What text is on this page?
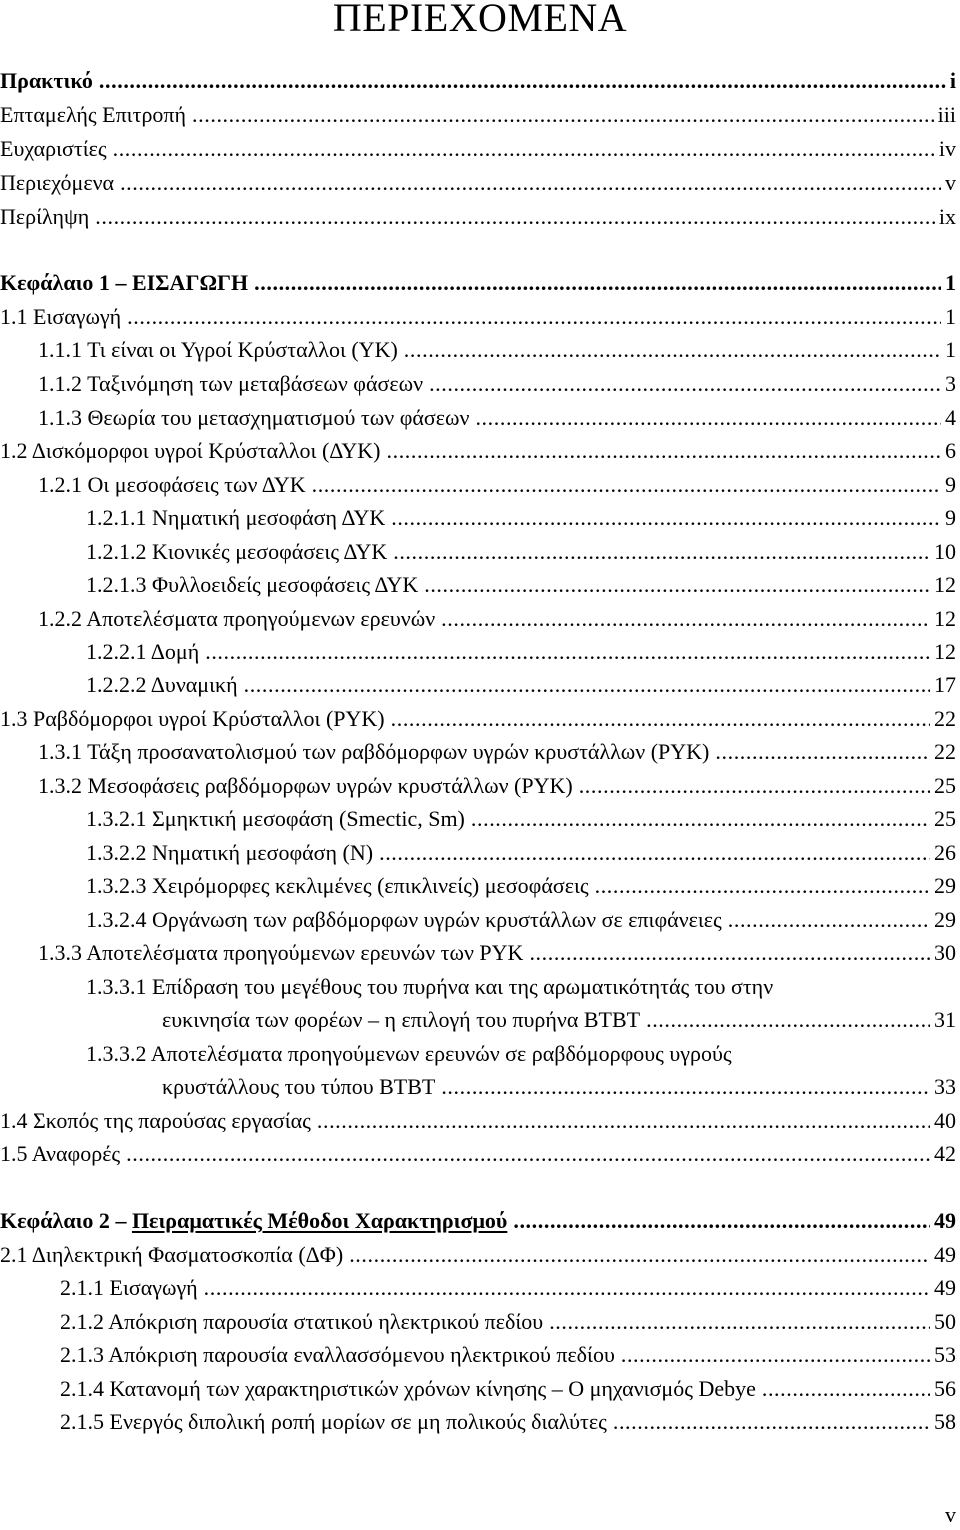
ΠΕΡΙΕΧΟΜΕΝΑ
Πρακτικό .....	i
Επταμελής Επιτροπή .....	iii
Ευχαριστίες .....	iv
Περιεχόμενα .....	v
Περίληψη .....	ix
Κεφάλαιο 1 – ΕΙΣΑΓΩΓΗ .....	1
1.1 Εισαγωγή .....	1
1.1.1 Τι είναι οι Υγροί Κρύσταλλοι (ΥΚ) .....	1
1.1.2 Ταξινόμηση των μεταβάσεων φάσεων .....	3
1.1.3 Θεωρία του μετασχηματισμού των φάσεων .....	4
1.2 Δισκόμορφοι υγροί Κρύσταλλοι (ΔΥΚ) .....	6
1.2.1 Οι μεσοφάσεις των ΔΥΚ .....	9
1.2.1.1 Νηματική μεσοφάση ΔΥΚ .....	9
1.2.1.2 Κιονικές μεσοφάσεις ΔΥΚ .....	10
1.2.1.3 Φυλλοειδείς μεσοφάσεις ΔΥΚ .....	12
1.2.2 Αποτελέσματα προηγούμενων ερευνών .....	12
1.2.2.1 Δομή .....	12
1.2.2.2 Δυναμική .....	17
1.3 Ραβδόμορφοι υγροί Κρύσταλλοι (ΡΥΚ) .....	22
1.3.1 Τάξη προσανατολισμού των ραβδόμορφων υγρών κρυστάλλων (ΡΥΚ) .....	22
1.3.2 Μεσοφάσεις ραβδόμορφων υγρών κρυστάλλων (ΡΥΚ) .....	25
1.3.2.1 Σμηκτική μεσοφάση (Smectic, Sm) .....	25
1.3.2.2 Νηματική μεσοφάση (Ν) .....	26
1.3.2.3 Χειρόμορφες κεκλιμένες (επικλινείς) μεσοφάσεις .....	29
1.3.2.4 Οργάνωση των ραβδόμορφων υγρών κρυστάλλων σε επιφάνειες .....	29
1.3.3 Αποτελέσματα προηγούμενων ερευνών των ΡΥΚ .....	30
1.3.3.1 Επίδραση του μεγέθους του πυρήνα και της αρωματικότητάς του στην
ευκινησία των φορέων – η επιλογή του πυρήνα BTBT .....	31
1.3.3.2 Αποτελέσματα προηγούμενων ερευνών σε ραβδόμορφους υγρούς
κρυστάλλους του τύπου BTBT .....	33
1.4 Σκοπός της παρούσας εργασίας .....	40
1.5 Αναφορές .....	42
Κεφάλαιο 2 – Πειραματικές Μέθοδοι Χαρακτηρισμού .....	49
2.1 Διηλεκτρική Φασματοσκοπία (ΔΦ) .....	49
2.1.1 Εισαγωγή .....	49
2.1.2 Απόκριση παρουσία στατικού ηλεκτρικού πεδίου .....	50
2.1.3 Απόκριση παρουσία εναλλασσόμενου ηλεκτρικού πεδίου .....	53
2.1.4 Κατανομή των χαρακτηριστικών χρόνων κίνησης – Ο μηχανισμός Debye .....	56
2.1.5 Ενεργός διπολική ροπή μορίων σε μη πολικούς διαλύτες .....	58
v
